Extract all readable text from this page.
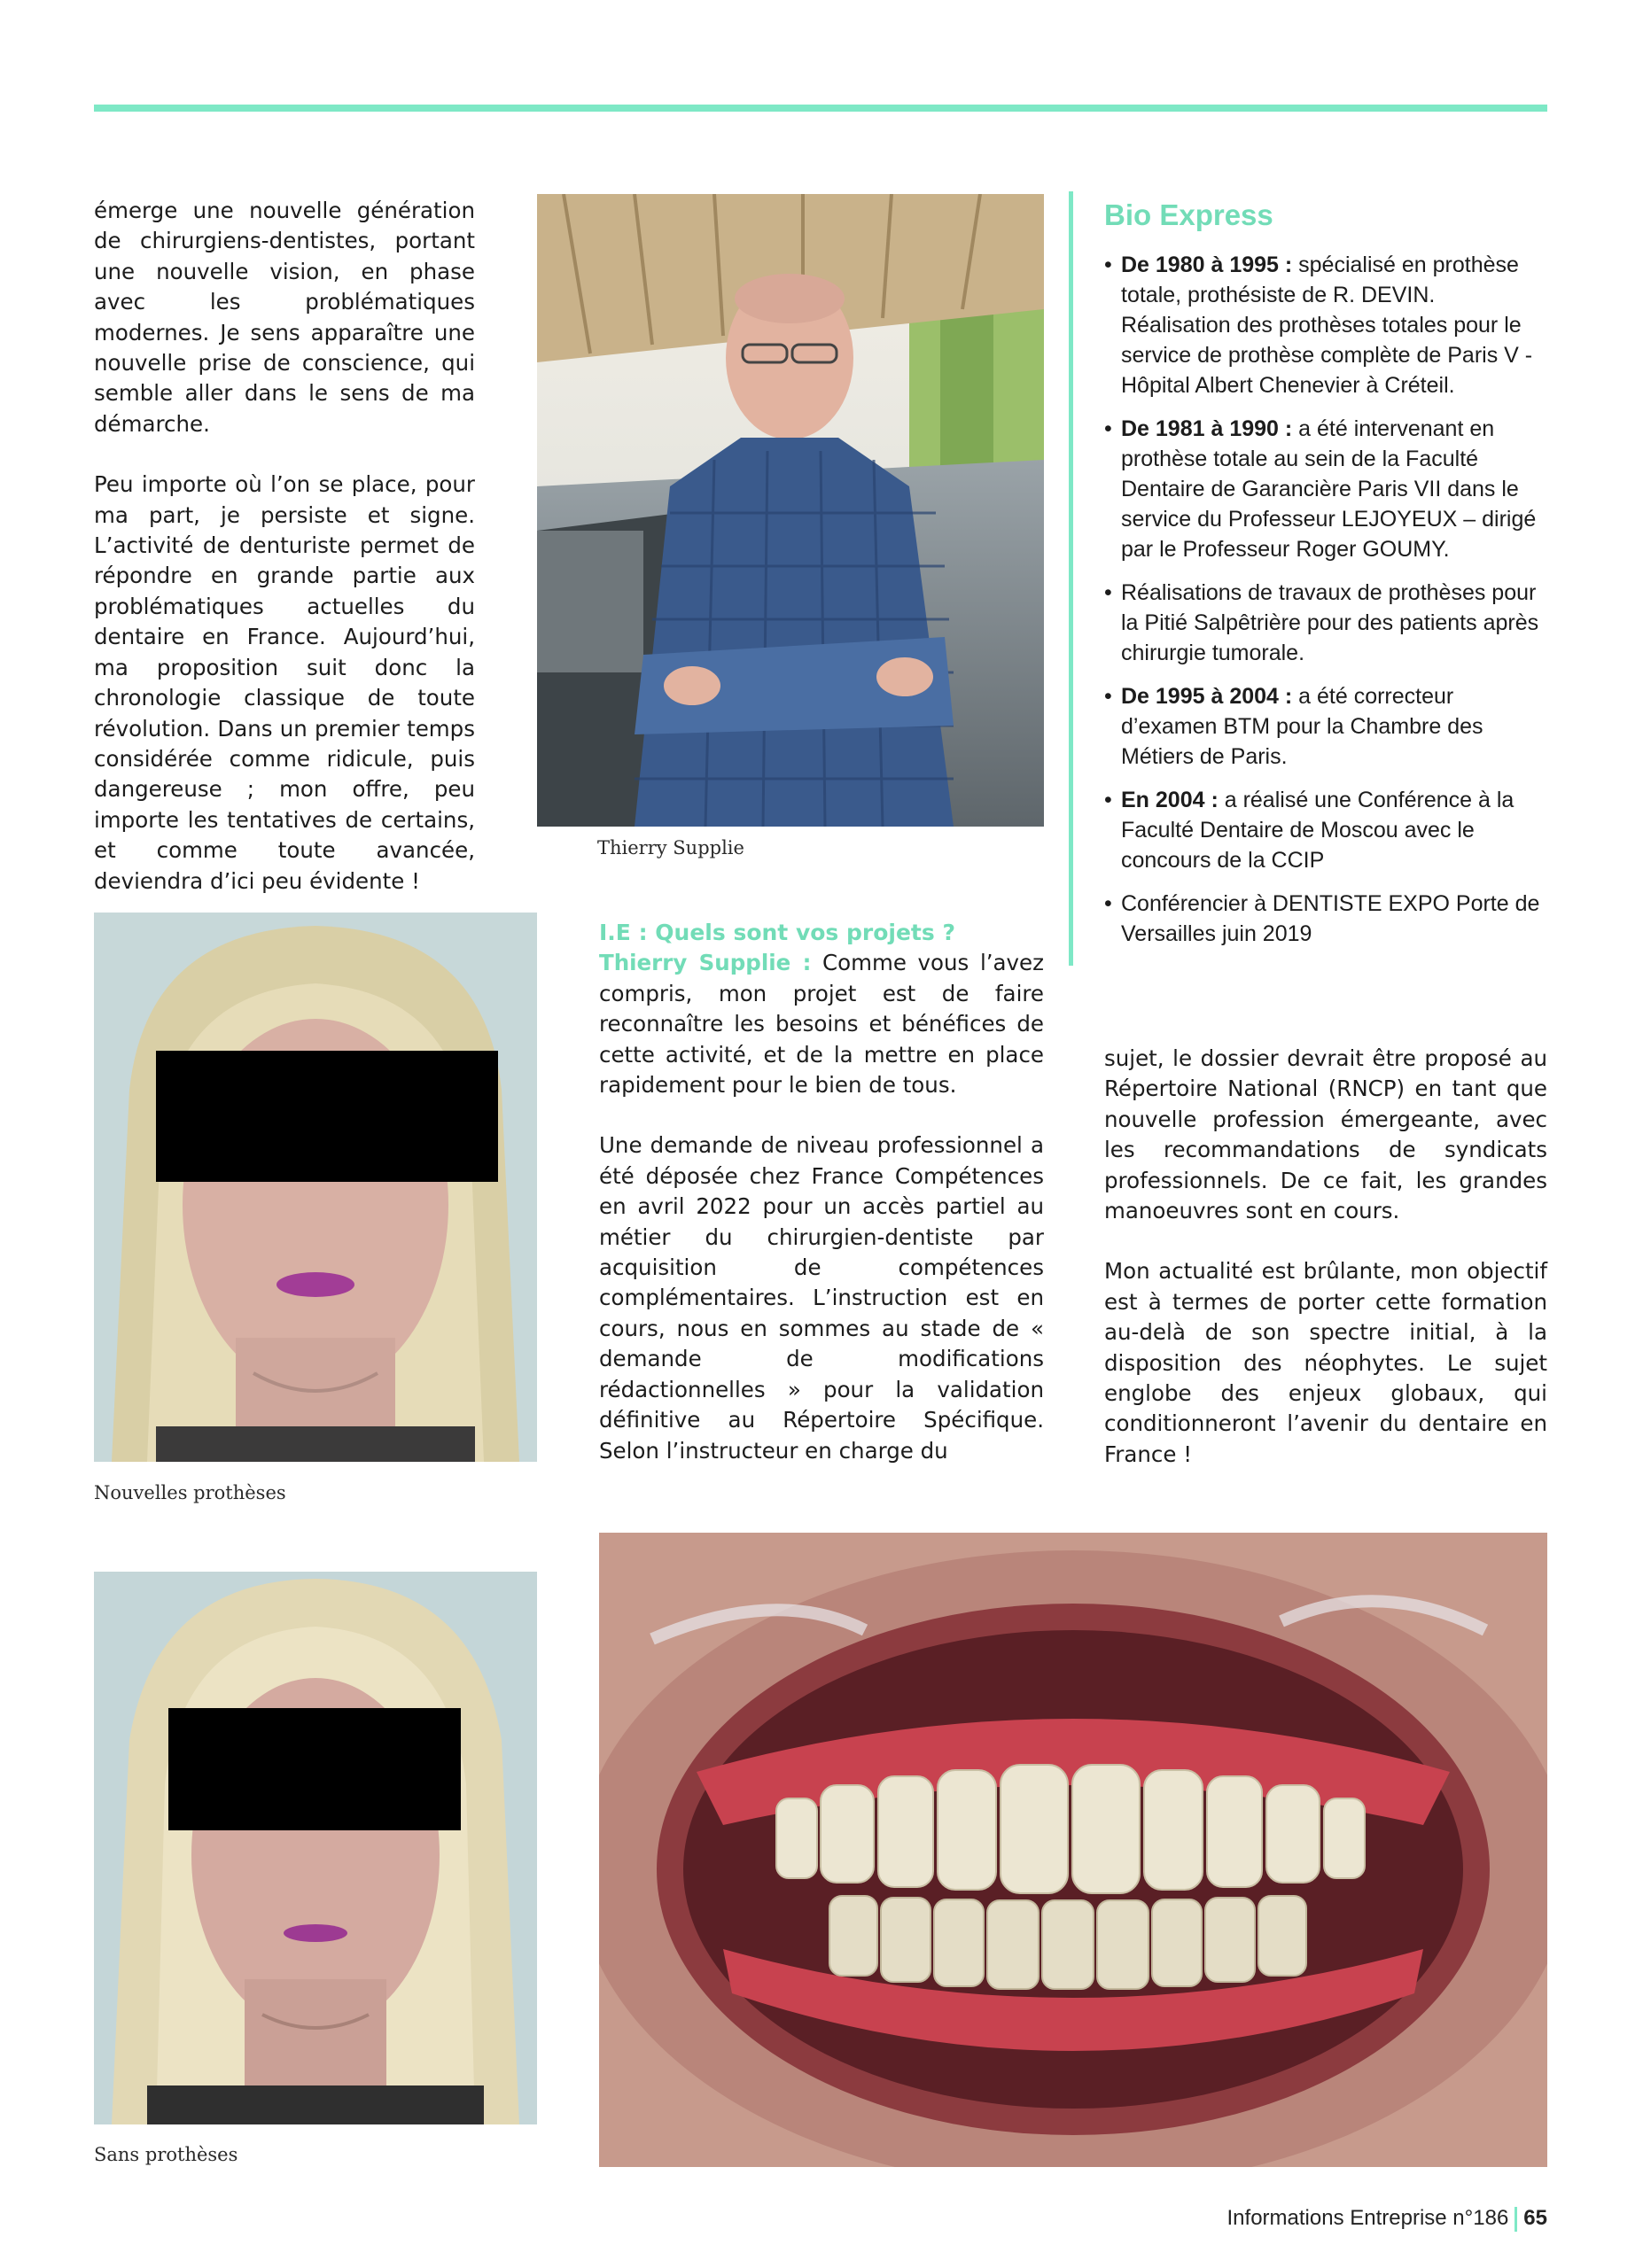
émerge une nouvelle génération de chirurgiens-dentistes, portant une nouvelle vision, en phase avec les problématiques modernes. Je sens apparaître une nouvelle prise de conscience, qui semble aller dans le sens de ma démarche.

Peu importe où l’on se place, pour ma part, je persiste et signe. L’activité de denturiste permet de répondre en grande partie aux problématiques actuelles du dentaire en France. Aujourd’hui, ma proposition suit donc la chronologie classique de toute révolution. Dans un premier temps considérée comme ridicule, puis dangereuse ; mon offre, peu importe les tentatives de certains, et comme toute avancée, deviendra d’ici peu évidente !

Thierry Supplie

I.E : Quels sont vos projets ?

Thierry Supplie : Comme vous l’avez compris, mon projet est de faire reconnaître les besoins et bénéfices de cette activité, et de la mettre en place rapidement pour le bien de tous.

Une demande de niveau professionnel a été déposée chez France Compétences en avril 2022 pour un accès partiel au métier du chirurgien-dentiste par acquisition de compétences complémentaires. L’instruction est en cours, nous en sommes au stade de « demande de modifications rédactionnelles » pour la validation définitive au Répertoire Spécifique. Selon l’instructeur en charge du

Bio Express
• De 1980 à 1995 : spécialisé en prothèse totale, prothésiste de R. DEVIN. Réalisation des prothèses totales pour le service de prothèse complète de Paris V - Hôpital Albert Chenevier à Créteil.
• De 1981 à 1990 : a été intervenant en prothèse totale au sein de la Faculté Dentaire de Garancière Paris VII dans le service du Professeur LEJOYEUX – dirigé par le Professeur Roger GOUMY.
• Réalisations de travaux de prothèses pour la Pitié Salpêtrière pour des patients après chirurgie tumorale.
• De 1995 à 2004 : a été correcteur d’examen BTM pour la Chambre des Métiers de Paris.
• En 2004 : a réalisé une Conférence à la Faculté Dentaire de Moscou avec le concours de la CCIP
• Conférencier à DENTISTE EXPO Porte de Versailles juin 2019

sujet, le dossier devrait être proposé au Répertoire National (RNCP) en tant que nouvelle profession émergeante, avec les recommandations de syndicats professionnels. De ce fait, les grandes manoeuvres sont en cours.

Mon actualité est brûlante, mon objectif est à termes de porter cette formation au-delà de son spectre initial, à la disposition des néophytes. Le sujet englobe des enjeux globaux, qui conditionneront l’avenir du dentaire en France !

Nouvelles prothèses
Sans prothèses
Informations Entreprise n°186 65
